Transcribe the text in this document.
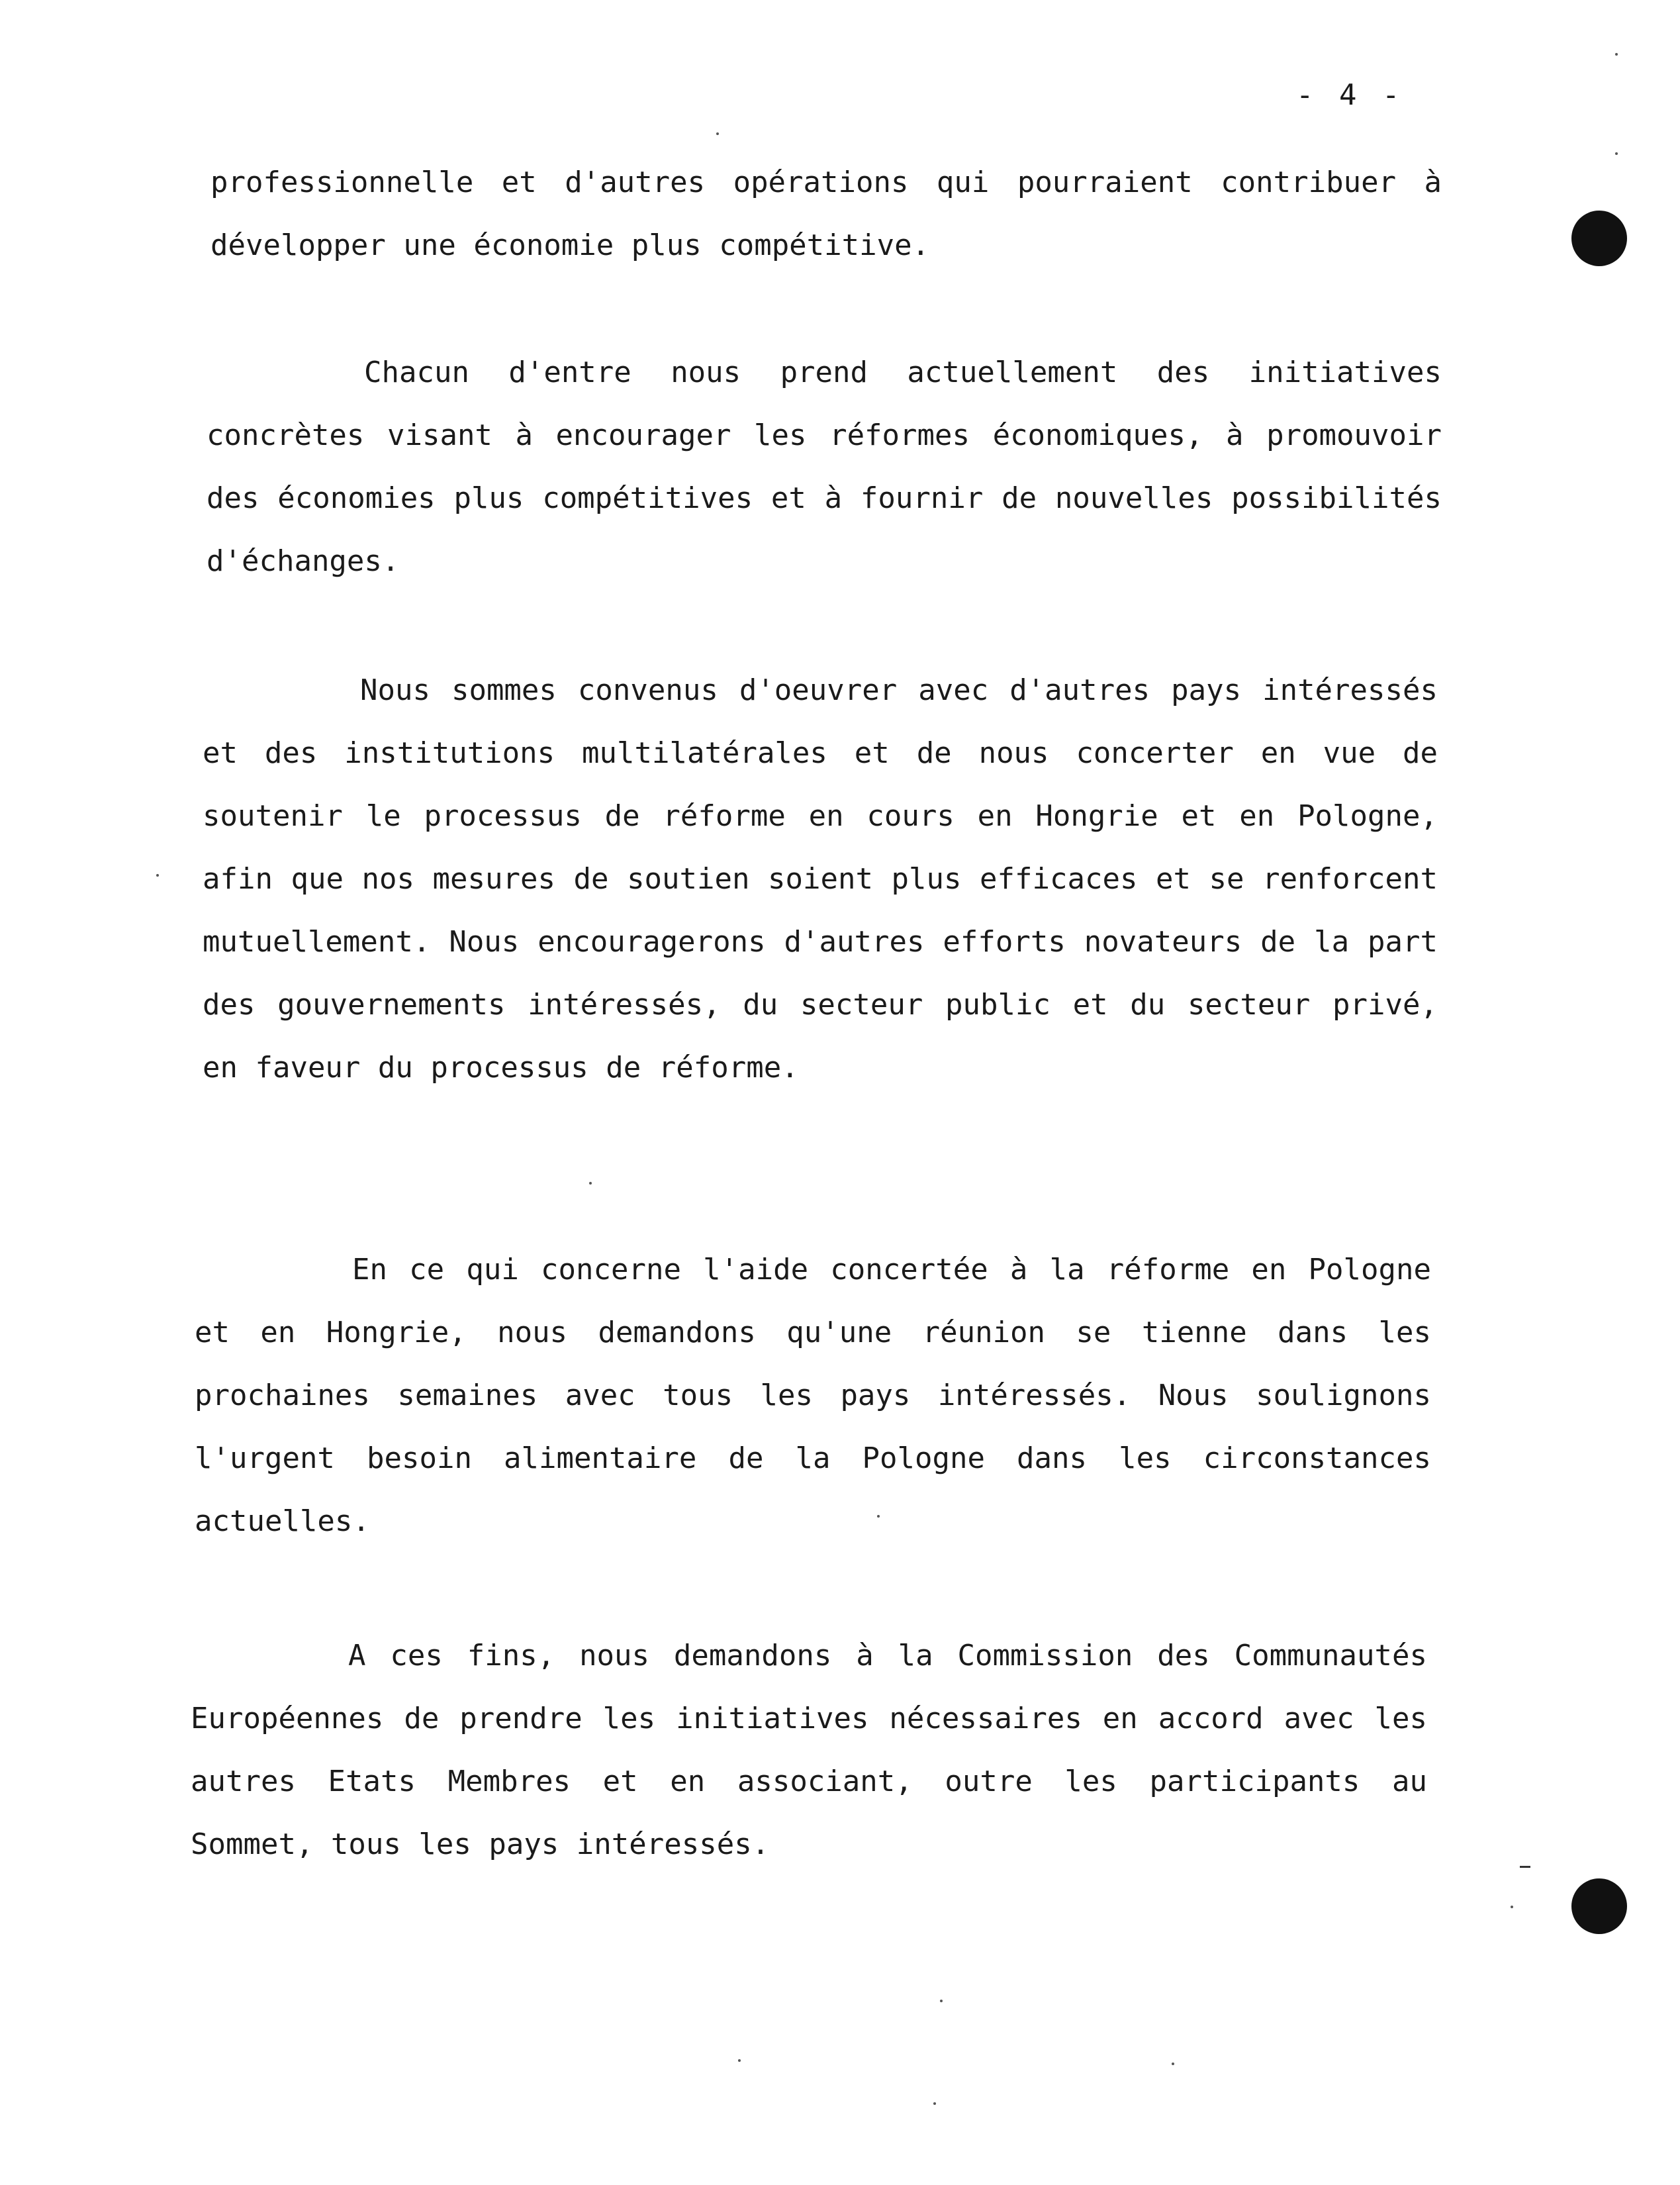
- 4 -

professionnelle et d'autres opérations qui pourraient contribuer à développer une économie plus compétitive.

Chacun d'entre nous prend actuellement des initiatives concrètes visant à encourager les réformes économiques, à promouvoir des économies plus compétitives et à fournir de nouvelles possibilités d'échanges.

Nous sommes convenus d'oeuvrer avec d'autres pays intéressés et des institutions multilatérales et de nous concerter en vue de soutenir le processus de réforme en cours en Hongrie et en Pologne, afin que nos mesures de soutien soient plus efficaces et se renforcent mutuellement. Nous encouragerons d'autres efforts novateurs de la part des gouvernements intéressés, du secteur public et du secteur privé, en faveur du processus de réforme.

En ce qui concerne l'aide concertée à la réforme en Pologne et en Hongrie, nous demandons qu'une réunion se tienne dans les prochaines semaines avec tous les pays intéressés. Nous soulignons l'urgent besoin alimentaire de la Pologne dans les circonstances actuelles.

A ces fins, nous demandons à la Commission des Communautés Européennes de prendre les initiatives nécessaires en accord avec les autres Etats Membres et en associant, outre les participants au Sommet, tous les pays intéressés.
